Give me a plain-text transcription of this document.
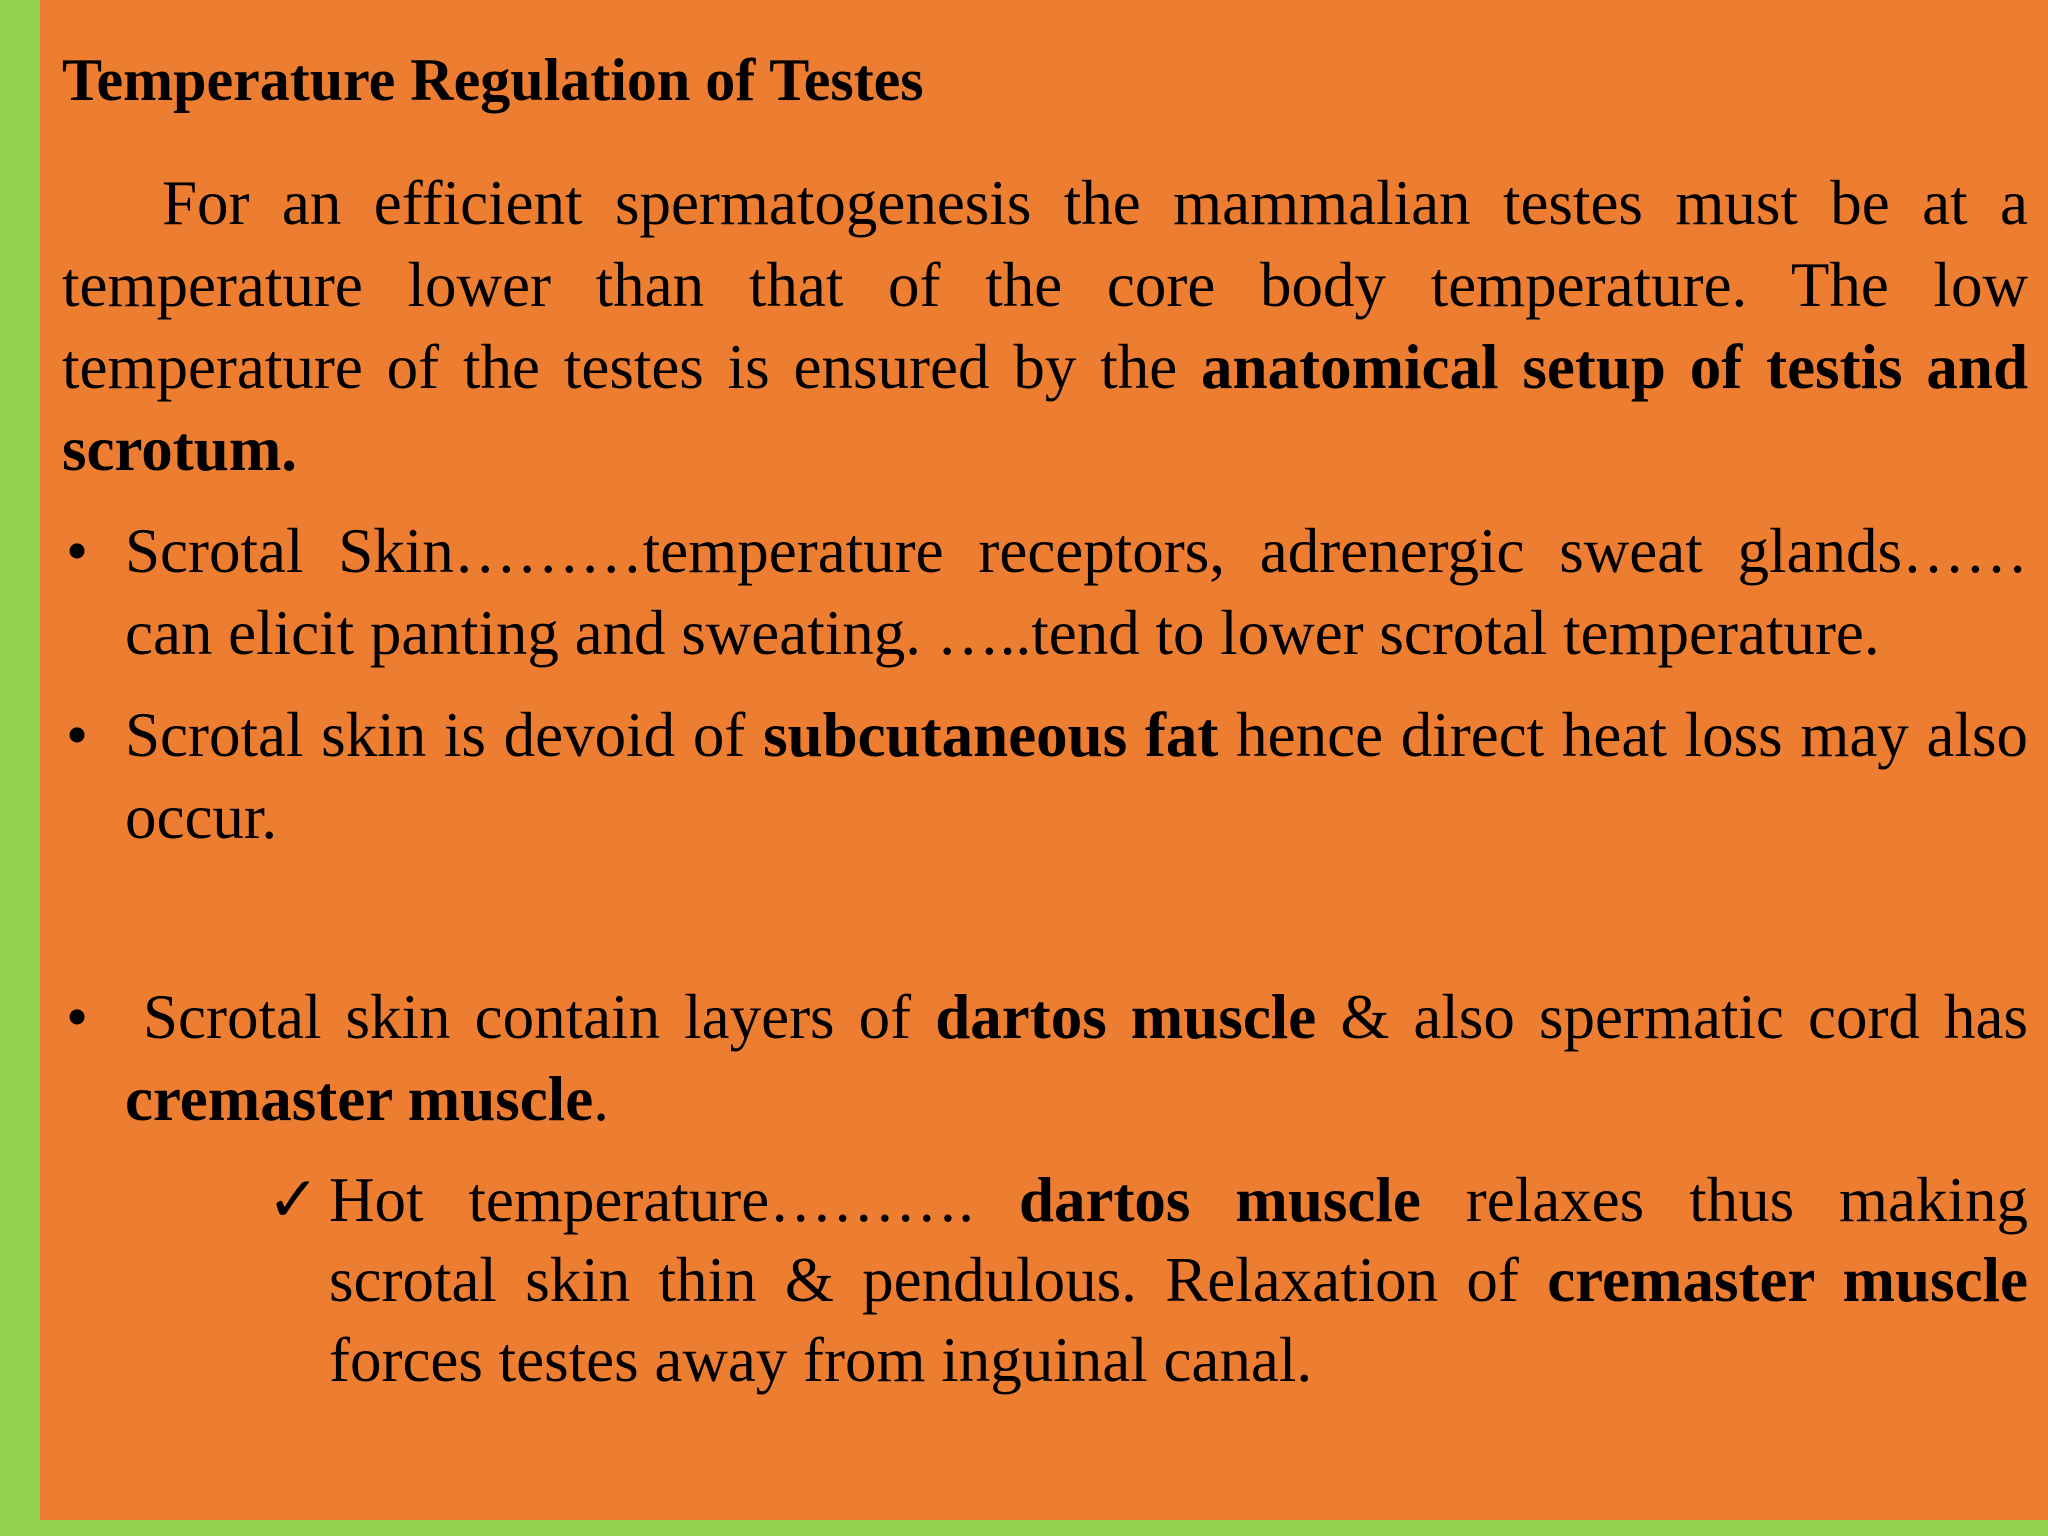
Temperature Regulation of Testes

For an efficient spermatogenesis the mammalian testes must be at a temperature lower than that of the core body temperature. The low temperature of the testes is ensured by the anatomical setup of testis and scrotum.

• Scrotal Skin………temperature receptors, adrenergic sweat glands…… can elicit panting and sweating. …..tend to lower scrotal temperature.
• Scrotal skin is devoid of subcutaneous fat hence direct heat loss may also occur.
• Scrotal skin contain layers of dartos muscle & also spermatic cord has cremaster muscle.
✓ Hot temperature………. dartos muscle relaxes thus making scrotal skin thin & pendulous. Relaxation of cremaster muscle forces testes away from inguinal canal.
